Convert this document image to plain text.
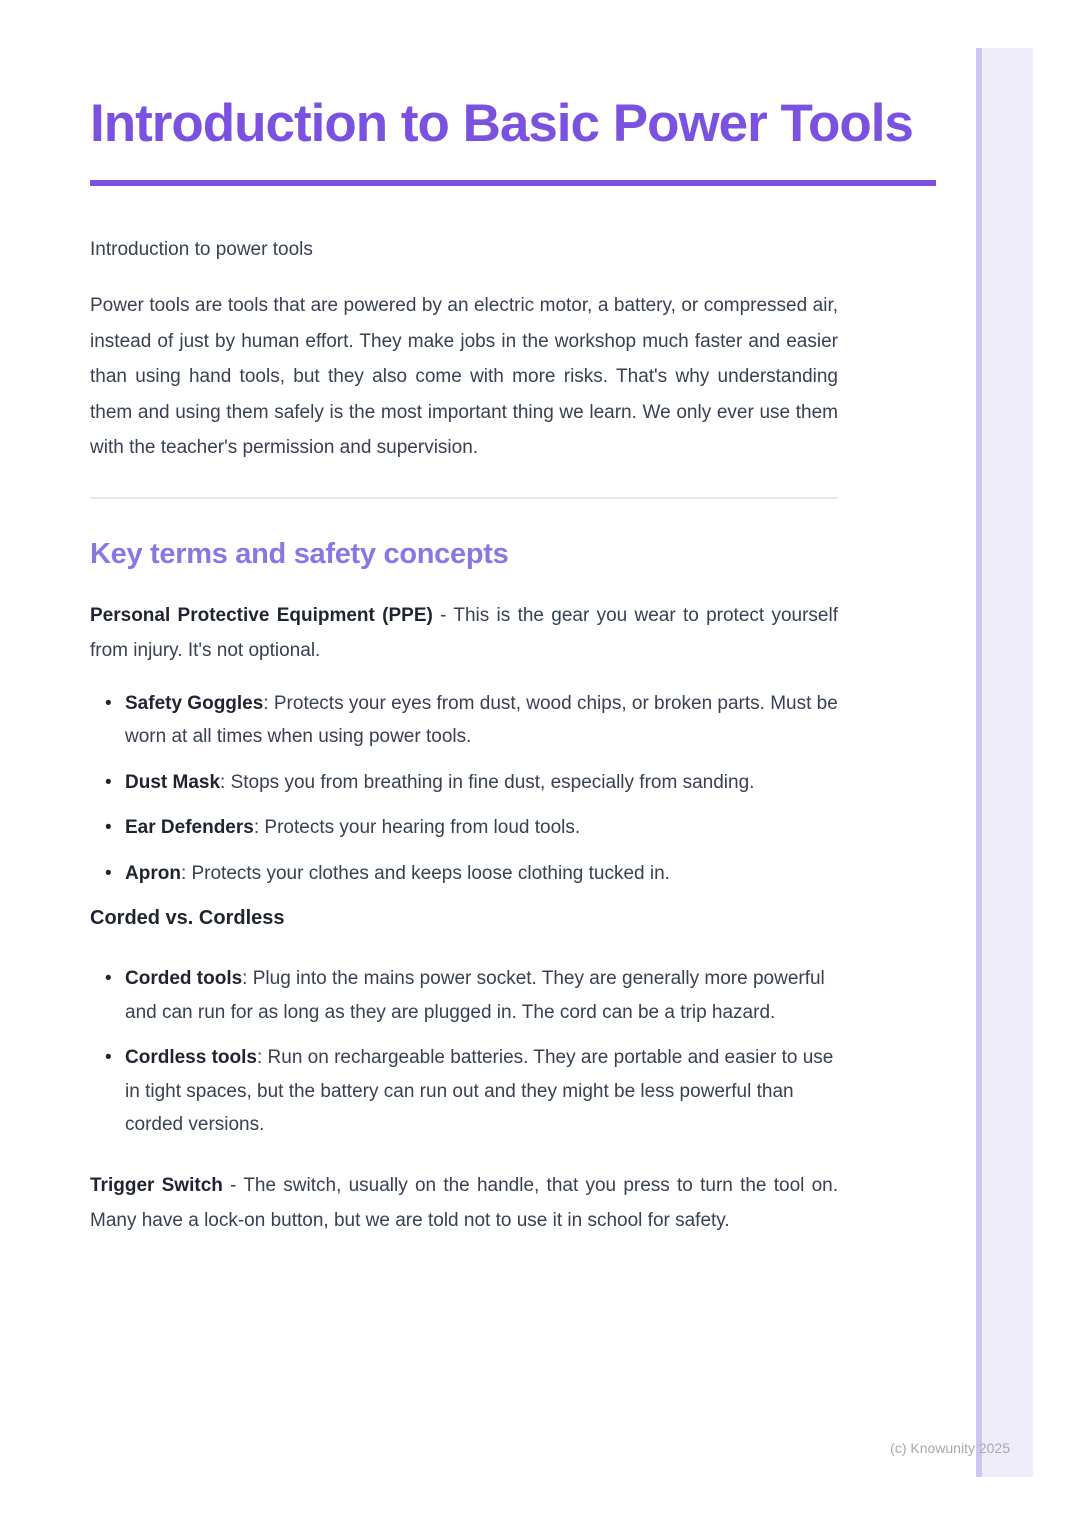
Introduction to Basic Power Tools

Introduction to power tools

Power tools are tools that are powered by an electric motor, a battery, or compressed air, instead of just by human effort. They make jobs in the workshop much faster and easier than using hand tools, but they also come with more risks. That's why understanding them and using them safely is the most important thing we learn. We only ever use them with the teacher's permission and supervision.

Key terms and safety concepts

Personal Protective Equipment (PPE) - This is the gear you wear to protect yourself from injury. It's not optional.

• Safety Goggles: Protects your eyes from dust, wood chips, or broken parts. Must be worn at all times when using power tools.
• Dust Mask: Stops you from breathing in fine dust, especially from sanding.
• Ear Defenders: Protects your hearing from loud tools.
• Apron: Protects your clothes and keeps loose clothing tucked in.
Corded vs. Cordless
• Corded tools: Plug into the mains power socket. They are generally more powerful and can run for as long as they are plugged in. The cord can be a trip hazard.
• Cordless tools: Run on rechargeable batteries. They are portable and easier to use in tight spaces, but the battery can run out and they might be less powerful than corded versions.

Trigger Switch - The switch, usually on the handle, that you press to turn the tool on. Many have a lock-on button, but we are told not to use it in school for safety.

(c) Knowunity 2025
